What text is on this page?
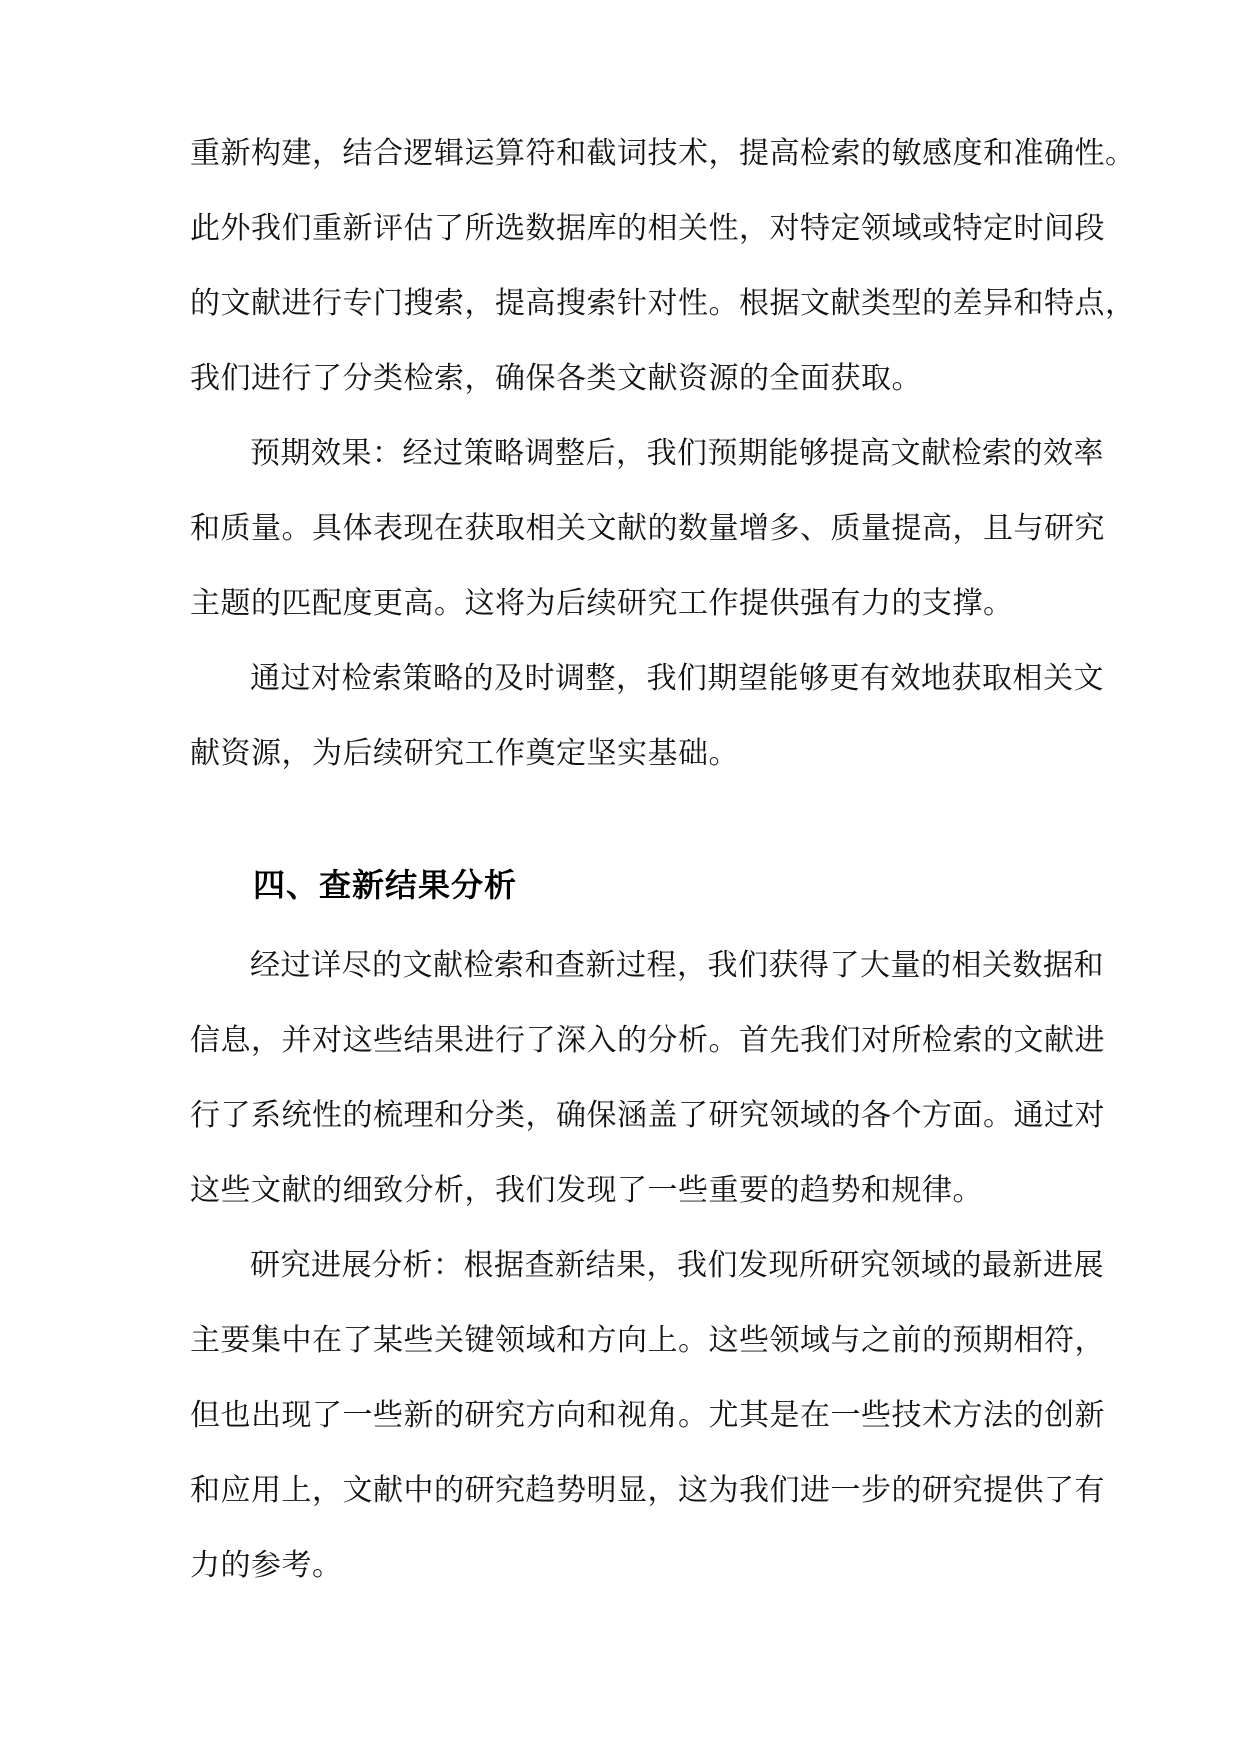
重新构建，结合逻辑运算符和截词技术，提高检索的敏感度和准确性。
此外我们重新评估了所选数据库的相关性，对特定领域或特定时间段
的文献进行专门搜索，提高搜索针对性。根据文献类型的差异和特点，
我们进行了分类检索，确保各类文献资源的全面获取。
预期效果：经过策略调整后，我们预期能够提高文献检索的效率
和质量。具体表现在获取相关文献的数量增多、质量提高，且与研究
主题的匹配度更高。这将为后续研究工作提供强有力的支撑。
通过对检索策略的及时调整，我们期望能够更有效地获取相关文
献资源，为后续研究工作奠定坚实基础。
四、查新结果分析
经过详尽的文献检索和查新过程，我们获得了大量的相关数据和
信息，并对这些结果进行了深入的分析。首先我们对所检索的文献进
行了系统性的梳理和分类，确保涵盖了研究领域的各个方面。通过对
这些文献的细致分析，我们发现了一些重要的趋势和规律。
研究进展分析：根据查新结果，我们发现所研究领域的最新进展
主要集中在了某些关键领域和方向上。这些领域与之前的预期相符，
但也出现了一些新的研究方向和视角。尤其是在一些技术方法的创新
和应用上，文献中的研究趋势明显，这为我们进一步的研究提供了有
力的参考。
